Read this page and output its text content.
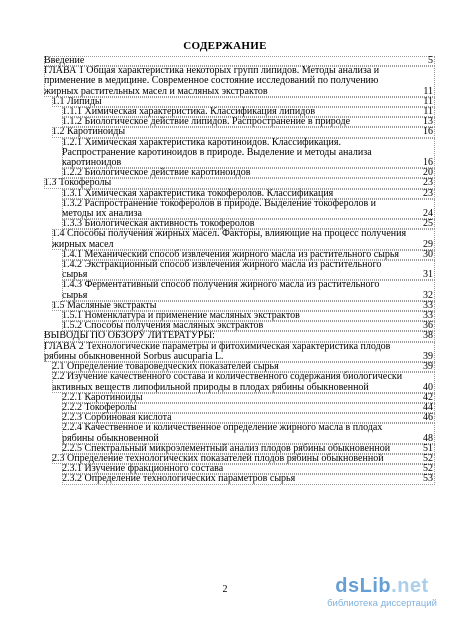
СОДЕРЖАНИЕ
Введение	5
ГЛАВА 1 Общая характеристика некоторых групп липидов. Методы анализа и применение в медицине. Современное состояние исследований по получению жирных растительных масел и масляных экстрактов	11
1.1 Липиды	11
1.1.1 Химическая характеристика. Классификация липидов	11
1.1.2 Биологическое действие липидов. Распространение в природе	13
1.2 Каротиноиды	16
1.2.1 Химическая характеристика каротиноидов. Классификация. Распространение каротиноидов в природе. Выделение и методы анализа каротиноидов	16
1.2.2 Биологическое действие каротиноидов	20
1.3 Токоферолы	23
1.3.1 Химическая характеристика токоферолов. Классификация	23
1.3.2 Распространение токоферолов в природе. Выделение токоферолов и методы их анализа	24
1.3.3 Биологическая активность токоферолов	25
1.4 Способы получения жирных масел. Факторы, влияющие на процесс получения жирных масел	29
1.4.1 Механический способ извлечения жирного масла из растительного сырья	30
1.4.2 Экстракционный способ извлечения жирного масла из растительного сырья	31
1.4.3 Ферментативный способ получения жирного масла из растительного сырья	32
1.5 Масляные экстракты	33
1.5.1 Номенклатура и применение масляных экстрактов	33
1.5.2 Способы получения масляных экстрактов	36
ВЫВОДЫ ПО ОБЗОРУ ЛИТЕРАТУРЫ:	38
ГЛАВА 2 Технологические параметры и фитохимическая характеристика плодов рябины обыкновенной Sorbus aucuparia L.	39
2.1 Определение товароведческих показателей сырья	39
2.2 Изучение качественного состава и количественного содержания биологически активных веществ липофильной природы в плодах рябины обыкновенной	40
2.2.1 Каротиноиды	42
2.2.2 Токоферолы	44
2.2.3 Сорбиновая кислота	46
2.2.4 Качественное и количественное определение жирного масла в плодах рябины обыкновенной	48
2.2.5 Спектральный микроэлементный анализ плодов рябины обыкновенной	51
2.3 Определение технологических показателей плодов рябины обыкновенной	52
2.3.1 Изучение фракционного состава	52
2.3.2 Определение технологических параметров сырья	53
2	dsLib.net
библиотека диссертаций
